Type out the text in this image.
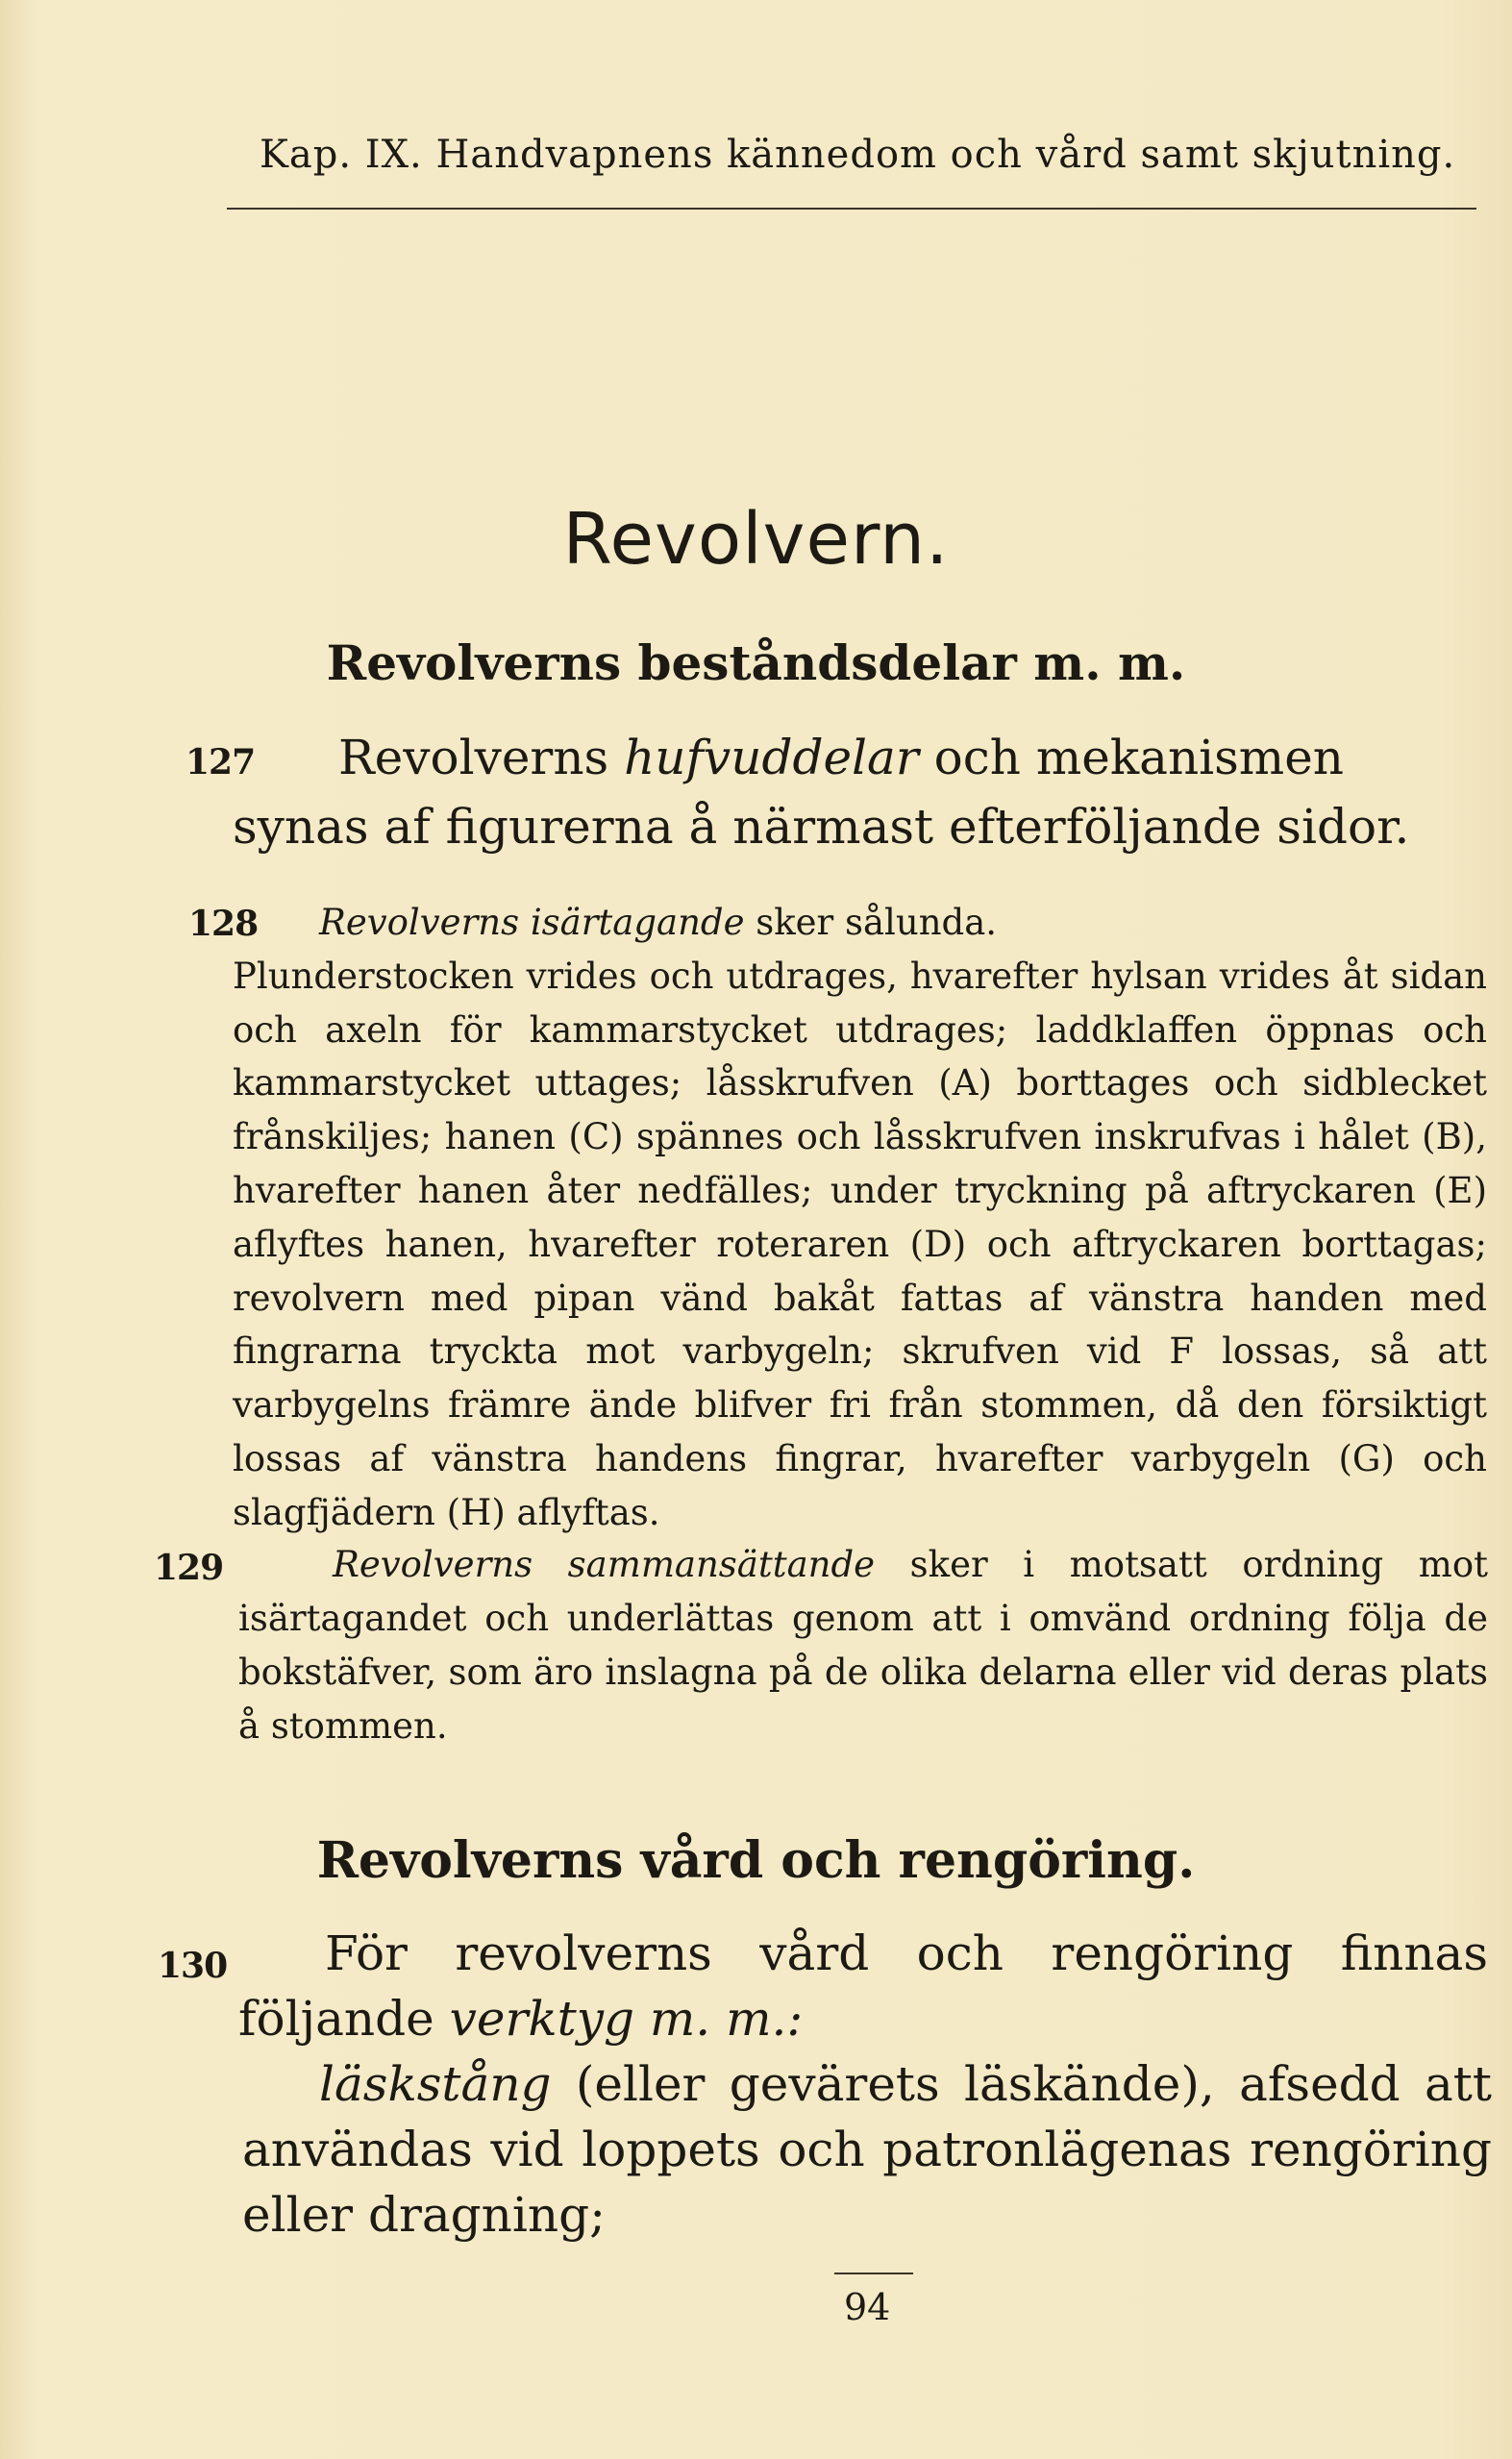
Kap. IX. Handvapnens kännedom och vård samt skjutning.
Revolvern.
Revolverns beståndsdelar m. m.
127	Revolverns hufvuddelar och mekanismen synas af figurerna å närmast efterföljande sidor.

128	Revolverns isärtagande sker sålunda.
Plunderstocken vrides och utdrages, hvarefter hylsan vrides åt sidan och axeln för kammarstycket utdrages; laddklaffen öppnas och kammarstycket uttages; låsskrufven (A) borttages och sidblecket frånskiljes; hanen (C) spännes och låsskrufven inskrufvas i hålet (B), hvarefter hanen åter nedfälles; under tryckning på aftryckaren (E) aflyftes hanen, hvarefter roteraren (D) och aftryckaren borttagas; revolvern med pipan vänd bakåt fattas af vänstra handen med fingrarna tryckta mot varbygeln; skrufven vid F lossas, så att varbygelns främre ände blifver fri från stommen, då den försiktigt lossas af vänstra handens fingrar, hvarefter varbygeln (G) och slagfjädern (H) aflyftas.

129	Revolverns sammansättande sker i motsatt ordning mot isärtagandet och underlättas genom att i omvänd ordning följa de bokstäfver, som äro inslagna på de olika delarna eller vid deras plats å stommen.

Revolverns vård och rengöring.
130	För revolverns vård och rengöring finnas följande verktyg m. m.:

läskstång (eller gevärets läskände), afsedd att användas vid loppets och patronlägenas rengöring eller dragning;

94
